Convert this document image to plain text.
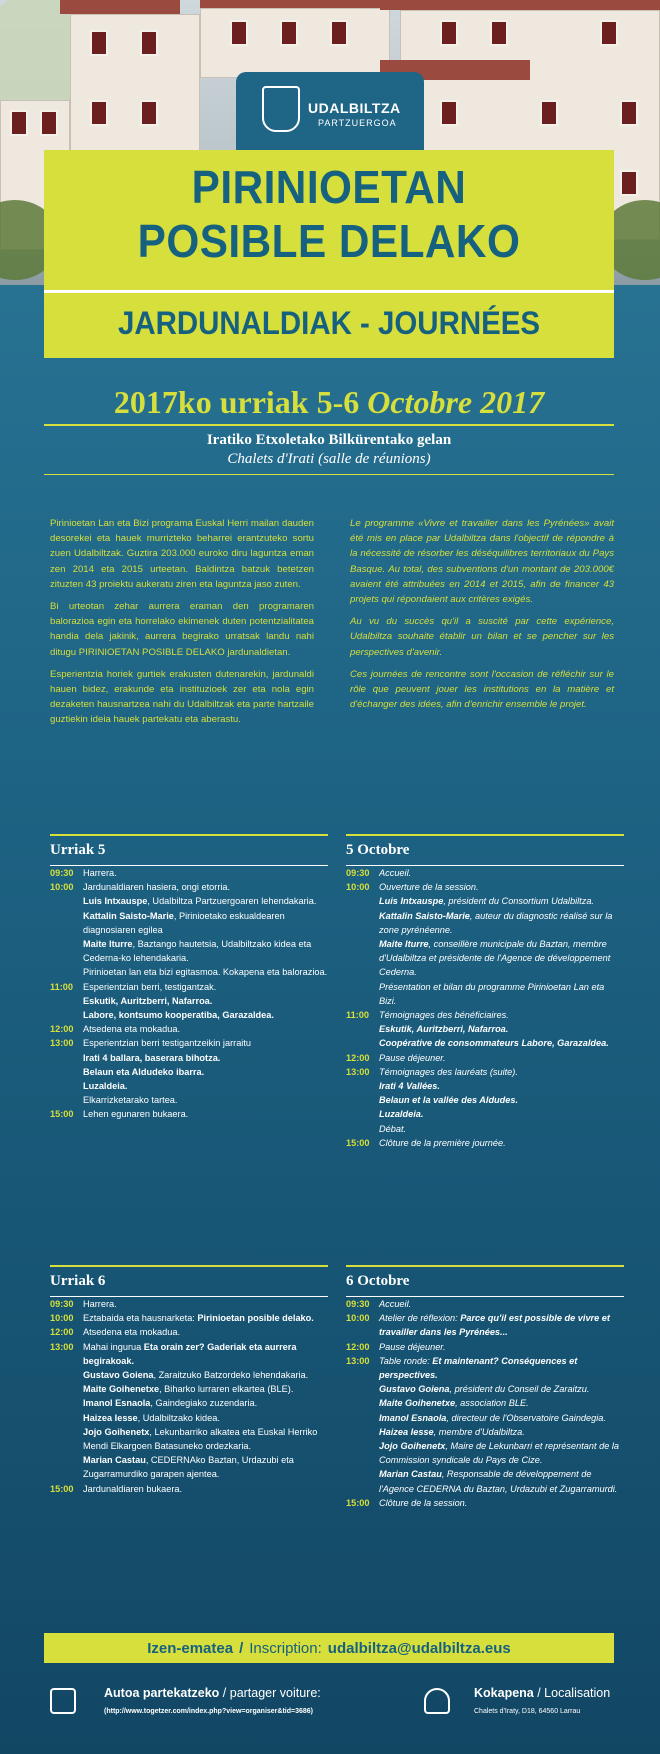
UDALBILTZA
PARTZUERGOA
PIRINIOETAN
POSIBLE DELAKO
JARDUNALDIAK - JOURNÉES
2017ko urriak 5-6 Octobre 2017
Iratiko Etxoletako Bilkürentako gelan
Chalets d'Irati (salle de réunions)

Pirinioetan Lan eta Bizi programa Euskal Herri mailan dauden desorekei eta hauek murrizteko beharrei erantzuteko sortu zuen Udalbiltzak. Guztira 203.000 euroko diru laguntza eman zen 2014 eta 2015 urteetan. Baldintza batzuk betetzen zituzten 43 proiektu aukeratu ziren eta laguntza jaso zuten.

Bi urteotan zehar aurrera eraman den programaren balorazioa egin eta horrelako ekimenek duten potentzialitatea handia dela jakinik, aurrera begirako urratsak landu nahi ditugu PIRINIOETAN POSIBLE DELAKO jardunaldietan.

Esperientzia horiek gurtiek erakusten dutenarekin, jardunaldi hauen bidez, erakunde eta instituzioek zer eta nola egin dezaketen hausnartzea nahi du Udalbiltzak eta parte hartzaile guztiekin ideia hauek partekatu eta aberastu.

Le programme «Vivre et travailler dans les Pyrénées» avait été mis en place par Udalbiltza dans l'objectif de répondre à la nécessité de résorber les déséquilibres territoriaux du Pays Basque. Au total, des subventions d'un montant de 203.000€ avaient été attribuées en 2014 et 2015, afin de financer 43 projets qui répondaient aux critères exigés.

Au vu du succès qu'il a suscité par cette expérience, Udalbiltza souhaite établir un bilan et se pencher sur les perspectives d'avenir.

Ces journées de rencontre sont l'occasion de réfléchir sur le rôle que peuvent jouer les institutions en la matière et d'échanger des idées, afin d'enrichir ensemble le projet.

Urriak 5
09:30	Harrera.
10:00	Jardunaldiaren hasiera, ongi etorria.
Luis Intxauspe, Udalbiltza Partzuergoaren lehendakaria.
Kattalin Saisto-Marie, Pirinioetako eskualdearen diagnosiaren egilea
Maite Iturre, Baztango hautetsia, Udalbiltzako kidea eta Cederna-ko lehendakaria.
Pirinioetan lan eta bizi egitasmoa. Kokapena eta balorazioa.
11:00	Esperientzian berri, testigantzak.
Eskutik, Auritzberri, Nafarroa.
Labore, kontsumo kooperatiba, Garazaldea.
12:00	Atsedena eta mokadua.
13:00	Esperientzian berri testigantzeikin jarraitu
Irati 4 ballara, baserara bihotza.
Belaun eta Aldudeko ibarra.
Luzaldeia.
Elkarrizketarako tartea.
15:00	Lehen egunaren bukaera.
5 Octobre
09:30	Accueil.
10:00	Ouverture de la session.
Luis Intxauspe, président du Consortium Udalbiltza.
Kattalin Saisto-Marie, auteur du diagnostic réalisé sur la zone pyrénéenne.
Maite Iturre, conseillère municipale du Baztan, membre d'Udalbiltza et présidente de l'Agence de développement Cederna.
Présentation et bilan du programme Pirinioetan Lan eta Bizi.
11:00	Témoignages des bénéficiaires.
Eskutik, Auritzberri, Nafarroa.
Coopérative de consommateurs Labore, Garazaldea.
12:00	Pause déjeuner.
13:00	Témoignages des lauréats (suite).
Irati 4 Vallées.
Belaun et la vallée des Aldudes.
Luzaldeia.
Débat.
15:00	Clôture de la première journée.
Urriak 6
09:30	Harrera.
10:00	Eztabaida eta hausnarketa: Pirinioetan posible delako.
12:00	Atsedena eta mokadua.
13:00	Mahai ingurua Eta orain zer? Gaderiak eta aurrera begirakoak.
Gustavo Goiena, Zaraitzuko Batzordeko lehendakaria.
Maite Goihenetxe, Biharko lurraren elkartea (BLE).
Imanol Esnaola, Gaindegiako zuzendaria.
Haizea Iesse, Udalbiltzako kidea.
Jojo Goihenetx, Lekunbarriko alkatea eta Euskal Herriko Mendi Elkargoen Batasuneko ordezkaria.
Marian Castau, CEDERNAko Baztan, Urdazubi eta Zugarramurdiko garapen ajentea.
15:00	Jardunaldiaren bukaera.
6 Octobre
09:30	Accueil.
10:00	Atelier de réflexion: Parce qu'il est possible de vivre et travailler dans les Pyrénées...
12:00	Pause déjeuner.
13:00	Table ronde: Et maintenant? Conséquences et perspectives.
Gustavo Goiena, président du Conseil de Zaraitzu.
Maite Goihenetxe, association BLE.
Imanol Esnaola, directeur de l'Observatoire Gaindegia.
Haizea Iesse, membre d'Udalbiltza.
Jojo Goihenetx, Maire de Lekunbarri et représentant de la Commission syndicale du Pays de Cize.
Marian Castau, Responsable de développement de l'Agence CEDERNA du Baztan, Urdazubi et Zugarramurdi.
15:00	Clôture de la session.
Izen-ematea / Inscription: udalbiltza@udalbiltza.eus
Autoa partekatzeko / partager voiture:
(http://www.togetzer.com/index.php?view=organiser&tid=3686)
Kokapena / Localisation
Chalets d'Iraty, D18, 64560 Larrau
